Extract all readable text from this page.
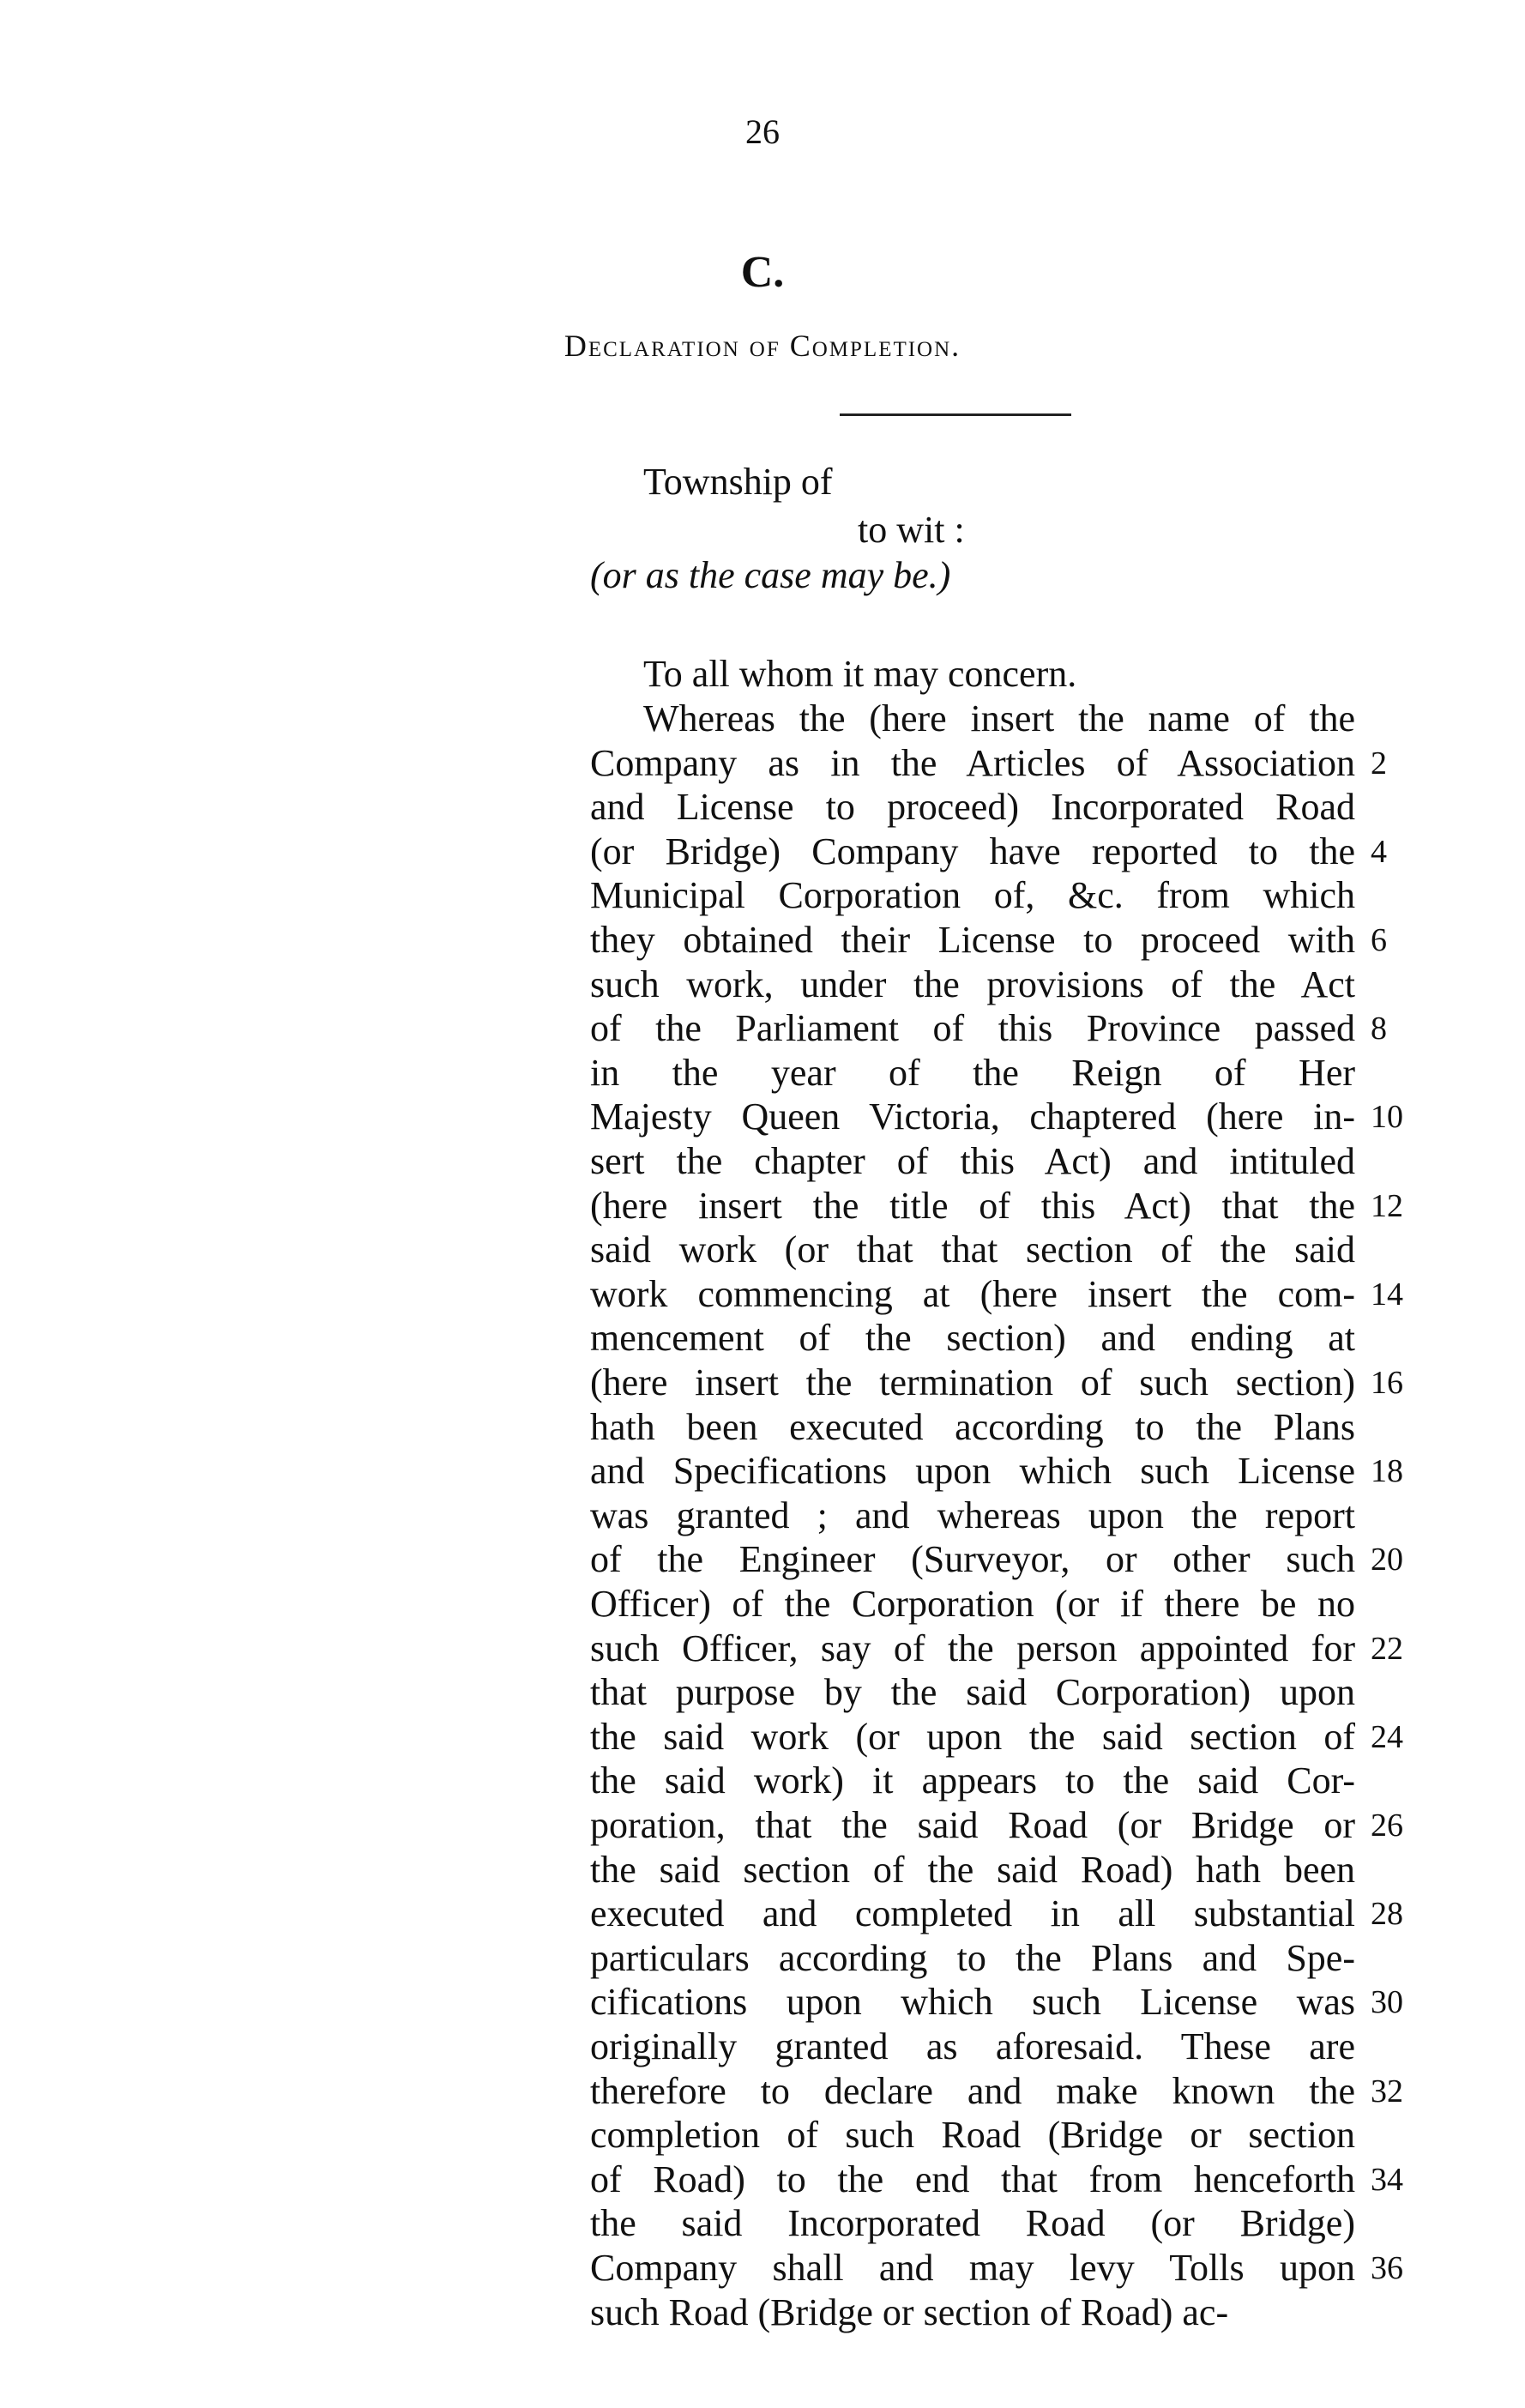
26
C.
Declaration of Completion.
Township of
to wit :
(or as the case may be.)
To all whom it may concern.
Whereas the (here insert the name of the
Company as in the Articles of Association 2
and License to proceed) Incorporated Road
(or Bridge) Company have reported to the 4
Municipal Corporation of, &c. from which
they obtained their License to proceed with 6
such work, under the provisions of the Act
of the Parliament of this Province passed 8
in the year of the Reign of Her
Majesty Queen Victoria, chaptered (here in- 10
sert the chapter of this Act) and intituled
(here insert the title of this Act) that the 12
said work (or that that section of the said
work commencing at (here insert the com- 14
mencement of the section) and ending at
(here insert the termination of such section) 16
hath been executed according to the Plans
and Specifications upon which such License 18
was granted ; and whereas upon the report
of the Engineer (Surveyor, or other such 20
Officer) of the Corporation (or if there be no
such Officer, say of the person appointed for 22
that purpose by the said Corporation) upon
the said work (or upon the said section of 24
the said work) it appears to the said Cor-
poration, that the said Road (or Bridge or 26
the said section of the said Road) hath been
executed and completed in all substantial 28
particulars according to the Plans and Spe-
cifications upon which such License was 30
originally granted as aforesaid. These are
therefore to declare and make known the 32
completion of such Road (Bridge or section
of Road) to the end that from henceforth 34
the said Incorporated Road (or Bridge)
Company shall and may levy Tolls upon 36
such Road (Bridge or section of Road) ac-
